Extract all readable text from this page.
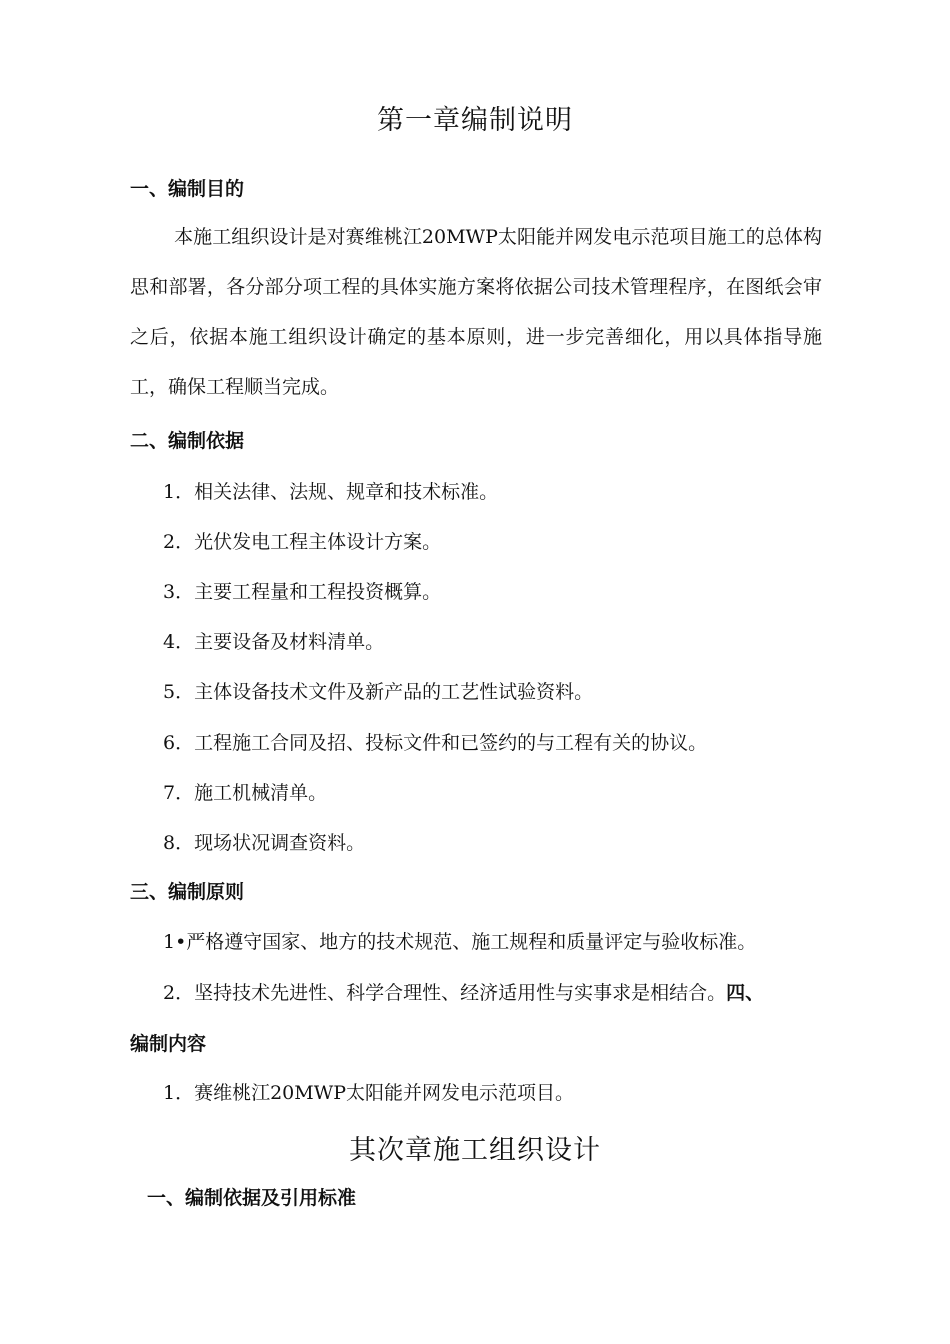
第一章编制说明
一、编制目的

本施工组织设计是对赛维桃江20MWP太阳能并网发电示范项目施工的总体构思和部署，各分部分项工程的具体实施方案将依据公司技术管理程序，在图纸会审之后，依据本施工组织设计确定的基本原则，进一步完善细化，用以具体指导施工，确保工程顺当完成。

二、编制依据

1．相关法律、法规、规章和技术标准。

2．光伏发电工程主体设计方案。

3．主要工程量和工程投资概算。

4．主要设备及材料清单。

5．主体设备技术文件及新产品的工艺性试验资料。

6．工程施工合同及招、投标文件和已签约的与工程有关的协议。

7．施工机械清单。

8．现场状况调查资料。

三、编制原则

1•严格遵守国家、地方的技术规范、施工规程和质量评定与验收标准。

2．坚持技术先进性、科学合理性、经济适用性与实事求是相结合。四、

编制内容

1．赛维桃江20MWP太阳能并网发电示范项目。

其次章施工组织设计
一、编制依据及引用标准
